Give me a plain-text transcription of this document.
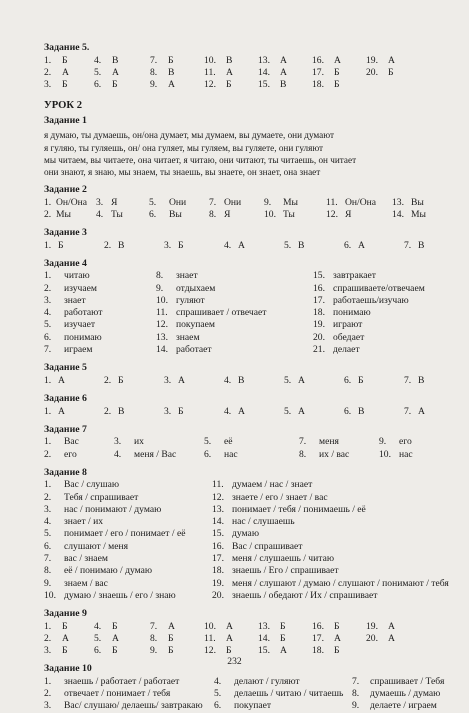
Задание 5.
1.	Б	4.	В	7.	Б	10.	В	13.	А	16.	А	19.	А
2.	А	5.	А	8.	В	11.	А	14.	А	17.	Б	20.	Б
3.	Б	6.	Б	9.	А	12.	Б	15.	В	18.	Б
УРОК 2
Задание 1
я думаю, ты думаешь, он/она думает, мы думаем, вы думаете, они думают
я гуляю, ты гуляешь, он/ она гуляет, мы гуляем, вы гуляете, они гуляют
мы читаем, вы читаете, она читает, я читаю, они читают, ты читаешь, он читает
они знают, я знаю, мы знаем, ты знаешь, вы знаете, он знает, она знает
Задание 2
1. Он/Она 3. Я	5.	Они	7. Они	9.	Мы	11. Он/Она	13. Вы
2. Мы	4. Ты	6.	Вы	8. Я	10. Ты	12. Я	14. Мы
Задание 3
1. Б	2. В	3. Б	4. А	5. В	6. А	7. В
Задание 4
1.	читаю	8.	знает	15. завтракает
2.	изучаем	9.	отдыхаем	16. спрашиваете/отвечаем
3.	знает	10. гуляют	17. работаешь/изучаю
4.	работают	11. спрашивает / отвечает	18. понимаю
5.	изучает	12. покупаем	19. играют
6.	понимаю	13. знаем	20. обедает
7.	играем	14. работает	21. делает
Задание 5
1. А	2. Б	3. А	4. В	5. А	6. Б	7. В
Задание 6
1. А	2. В	3. Б	4. А	5. А	6. В	7. А
Задание 7
1.	Вас	3.	их	5.	её	7.	меня	9.	его
2.	его	4.	меня / Вас	6.	нас	8.	их / вас	10. нас
Задание 8
1.	Вас / слушаю	11. думаем / нас / знает
2.	Тебя / спрашивает	12. знаете / его / знает / вас
3.	нас / понимают / думаю	13. понимает / тебя / понимаешь / её
4.	знает / их	14. нас / слушаешь
5.	понимает / его / понимает / её	15. думаю
6.	слушают / меня	16. Вас / спрашивает
7.	вас / знаем	17. меня / слушаешь / читаю
8.	её / понимаю / думаю	18. знаешь / Его / спрашивает
9.	знаем / вас	19. меня / слушают / думаю / слушают / понимают / тебя
10. думаю / знаешь / его / знаю	20. знаешь / обедают / Их / спрашивает
Задание 9
1.	Б	4.	Б	7.	А	10.	А	13.	Б	16.	Б	19.	А
2.	А	5.	А	8.	Б	11.	А	14.	Б	17.	А	20.	А
3.	Б	6.	Б	9.	Б	12.	Б	15.	А	18.	Б
Задание 10
1.	знаешь / работает / работает	4.	делают / гуляют	7.	спрашивает / Тебя
2.	отвечает / понимает / тебя	5.	делаешь / читаю / читаешь 8.	думаешь / думаю
3.	Вас/ слушаю/ делаешь/ завтракаю	6.	покупает	9.	делаете / играем
232
